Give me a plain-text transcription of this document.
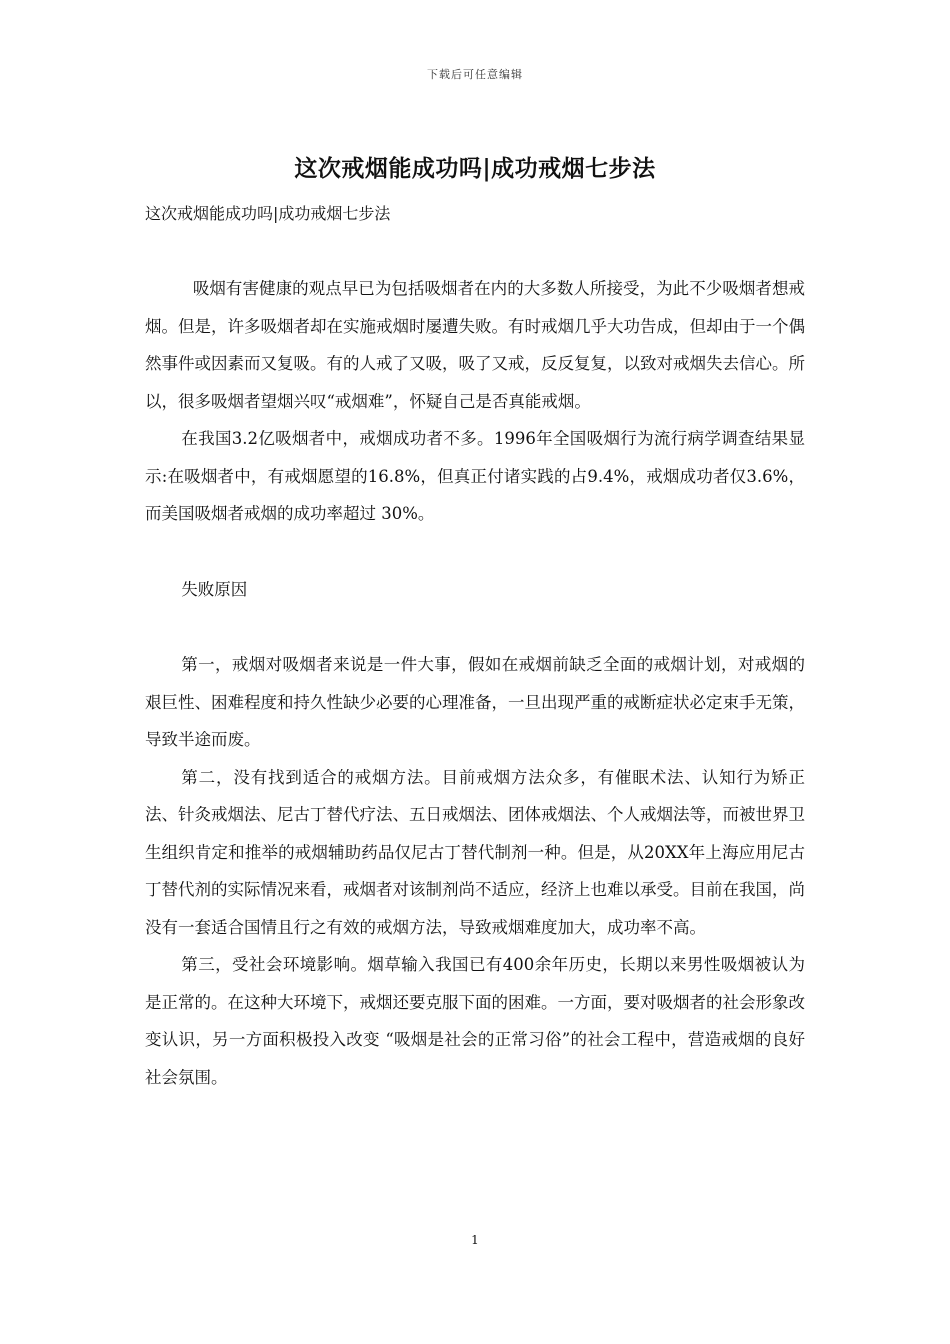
下载后可任意编辑
这次戒烟能成功吗|成功戒烟七步法

这次戒烟能成功吗|成功戒烟七步法

吸烟有害健康的观点早已为包括吸烟者在内的大多数人所接受，为此不少吸烟者想戒烟。但是，许多吸烟者却在实施戒烟时屡遭失败。有时戒烟几乎大功告成，但却由于一个偶然事件或因素而又复吸。有的人戒了又吸，吸了又戒，反反复复，以致对戒烟失去信心。所以，很多吸烟者望烟兴叹“戒烟难”，怀疑自己是否真能戒烟。

在我国3.2亿吸烟者中，戒烟成功者不多。1996年全国吸烟行为流行病学调查结果显示:在吸烟者中，有戒烟愿望的16.8%，但真正付诸实践的占9.4%，戒烟成功者仅3.6%，而美国吸烟者戒烟的成功率超过 30%。

失败原因

第一，戒烟对吸烟者来说是一件大事，假如在戒烟前缺乏全面的戒烟计划，对戒烟的艰巨性、困难程度和持久性缺少必要的心理准备，一旦出现严重的戒断症状必定束手无策，导致半途而废。

第二，没有找到适合的戒烟方法。目前戒烟方法众多，有催眠术法、认知行为矫正法、针灸戒烟法、尼古丁替代疗法、五日戒烟法、团体戒烟法、个人戒烟法等，而被世界卫生组织肯定和推举的戒烟辅助药品仅尼古丁替代制剂一种。但是，从20XX年上海应用尼古丁替代剂的实际情况来看，戒烟者对该制剂尚不适应，经济上也难以承受。目前在我国，尚没有一套适合国情且行之有效的戒烟方法，导致戒烟难度加大，成功率不高。

第三，受社会环境影响。烟草输入我国已有400余年历史，长期以来男性吸烟被认为是正常的。在这种大环境下，戒烟还要克服下面的困难。一方面，要对吸烟者的社会形象改变认识，另一方面积极投入改变 “吸烟是社会的正常习俗”的社会工程中，营造戒烟的良好社会氛围。

1
